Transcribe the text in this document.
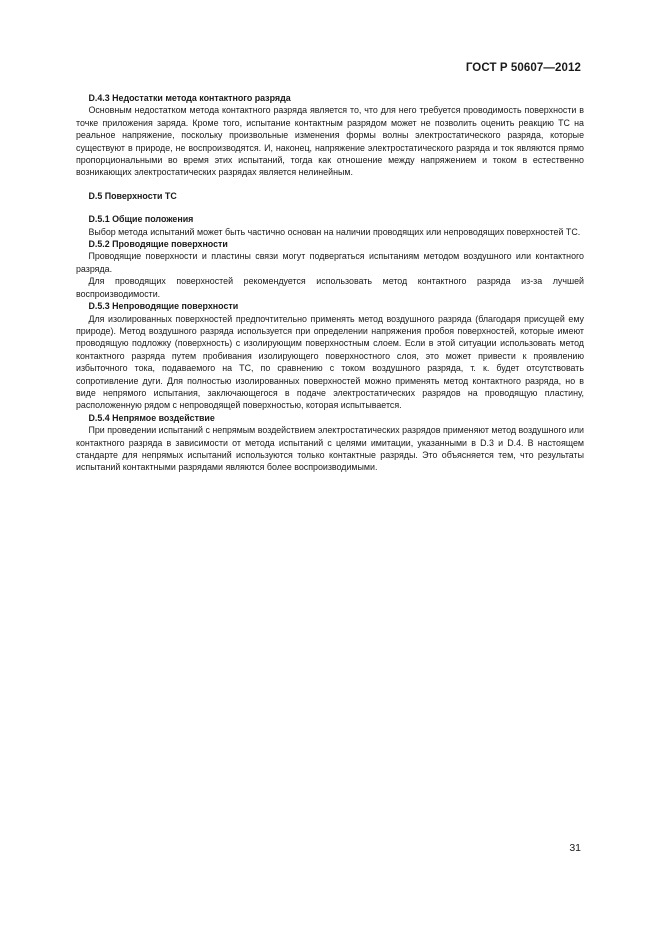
ГОСТ Р 50607—2012
D.4.3 Недостатки метода контактного разряда

Основным недостатком метода контактного разряда является то, что для него требуется проводимость поверхности в точке приложения заряда. Кроме того, испытание контактным разрядом может не позволить оценить реакцию ТС на реальное напряжение, поскольку произвольные изменения формы волны электростатического разряда, которые существуют в природе, не воспроизводятся. И, наконец, напряжение электростатического разряда и ток являются прямо пропорциональными во время этих испытаний, тогда как отношение между напряжением и током в естественно возникающих электростатических разрядах является нелинейным.

D.5 Поверхности ТС
D.5.1 Общие положения

Выбор метода испытаний может быть частично основан на наличии проводящих или непроводящих поверхностей ТС.

D.5.2 Проводящие поверхности

Проводящие поверхности и пластины связи могут подвергаться испытаниям методом воздушного или контактного разряда.

Для проводящих поверхностей рекомендуется использовать метод контактного разряда из-за лучшей воспроизводимости.

D.5.3 Непроводящие поверхности

Для изолированных поверхностей предпочтительно применять метод воздушного разряда (благодаря присущей ему природе). Метод воздушного разряда используется при определении напряжения пробоя поверхностей, которые имеют проводящую подложку (поверхность) с изолирующим поверхностным слоем. Если в этой ситуации использовать метод контактного разряда путем пробивания изолирующего поверхностного слоя, это может привести к проявлению избыточного тока, подаваемого на ТС, по сравнению с током воздушного разряда, т. к. будет отсутствовать сопротивление дуги. Для полностью изолированных поверхностей можно применять метод контактного разряда, но в виде непрямого испытания, заключающегося в подаче электростатических разрядов на проводящую пластину, расположенную рядом с непроводящей поверхностью, которая испытывается.

D.5.4 Непрямое воздействие

При проведении испытаний с непрямым воздействием электростатических разрядов применяют метод воздушного или контактного разряда в зависимости от метода испытаний с целями имитации, указанными в D.3 и D.4. В настоящем стандарте для непрямых испытаний используются только контактные разряды. Это объясняется тем, что результаты испытаний контактными разрядами являются более воспроизводимыми.

31
